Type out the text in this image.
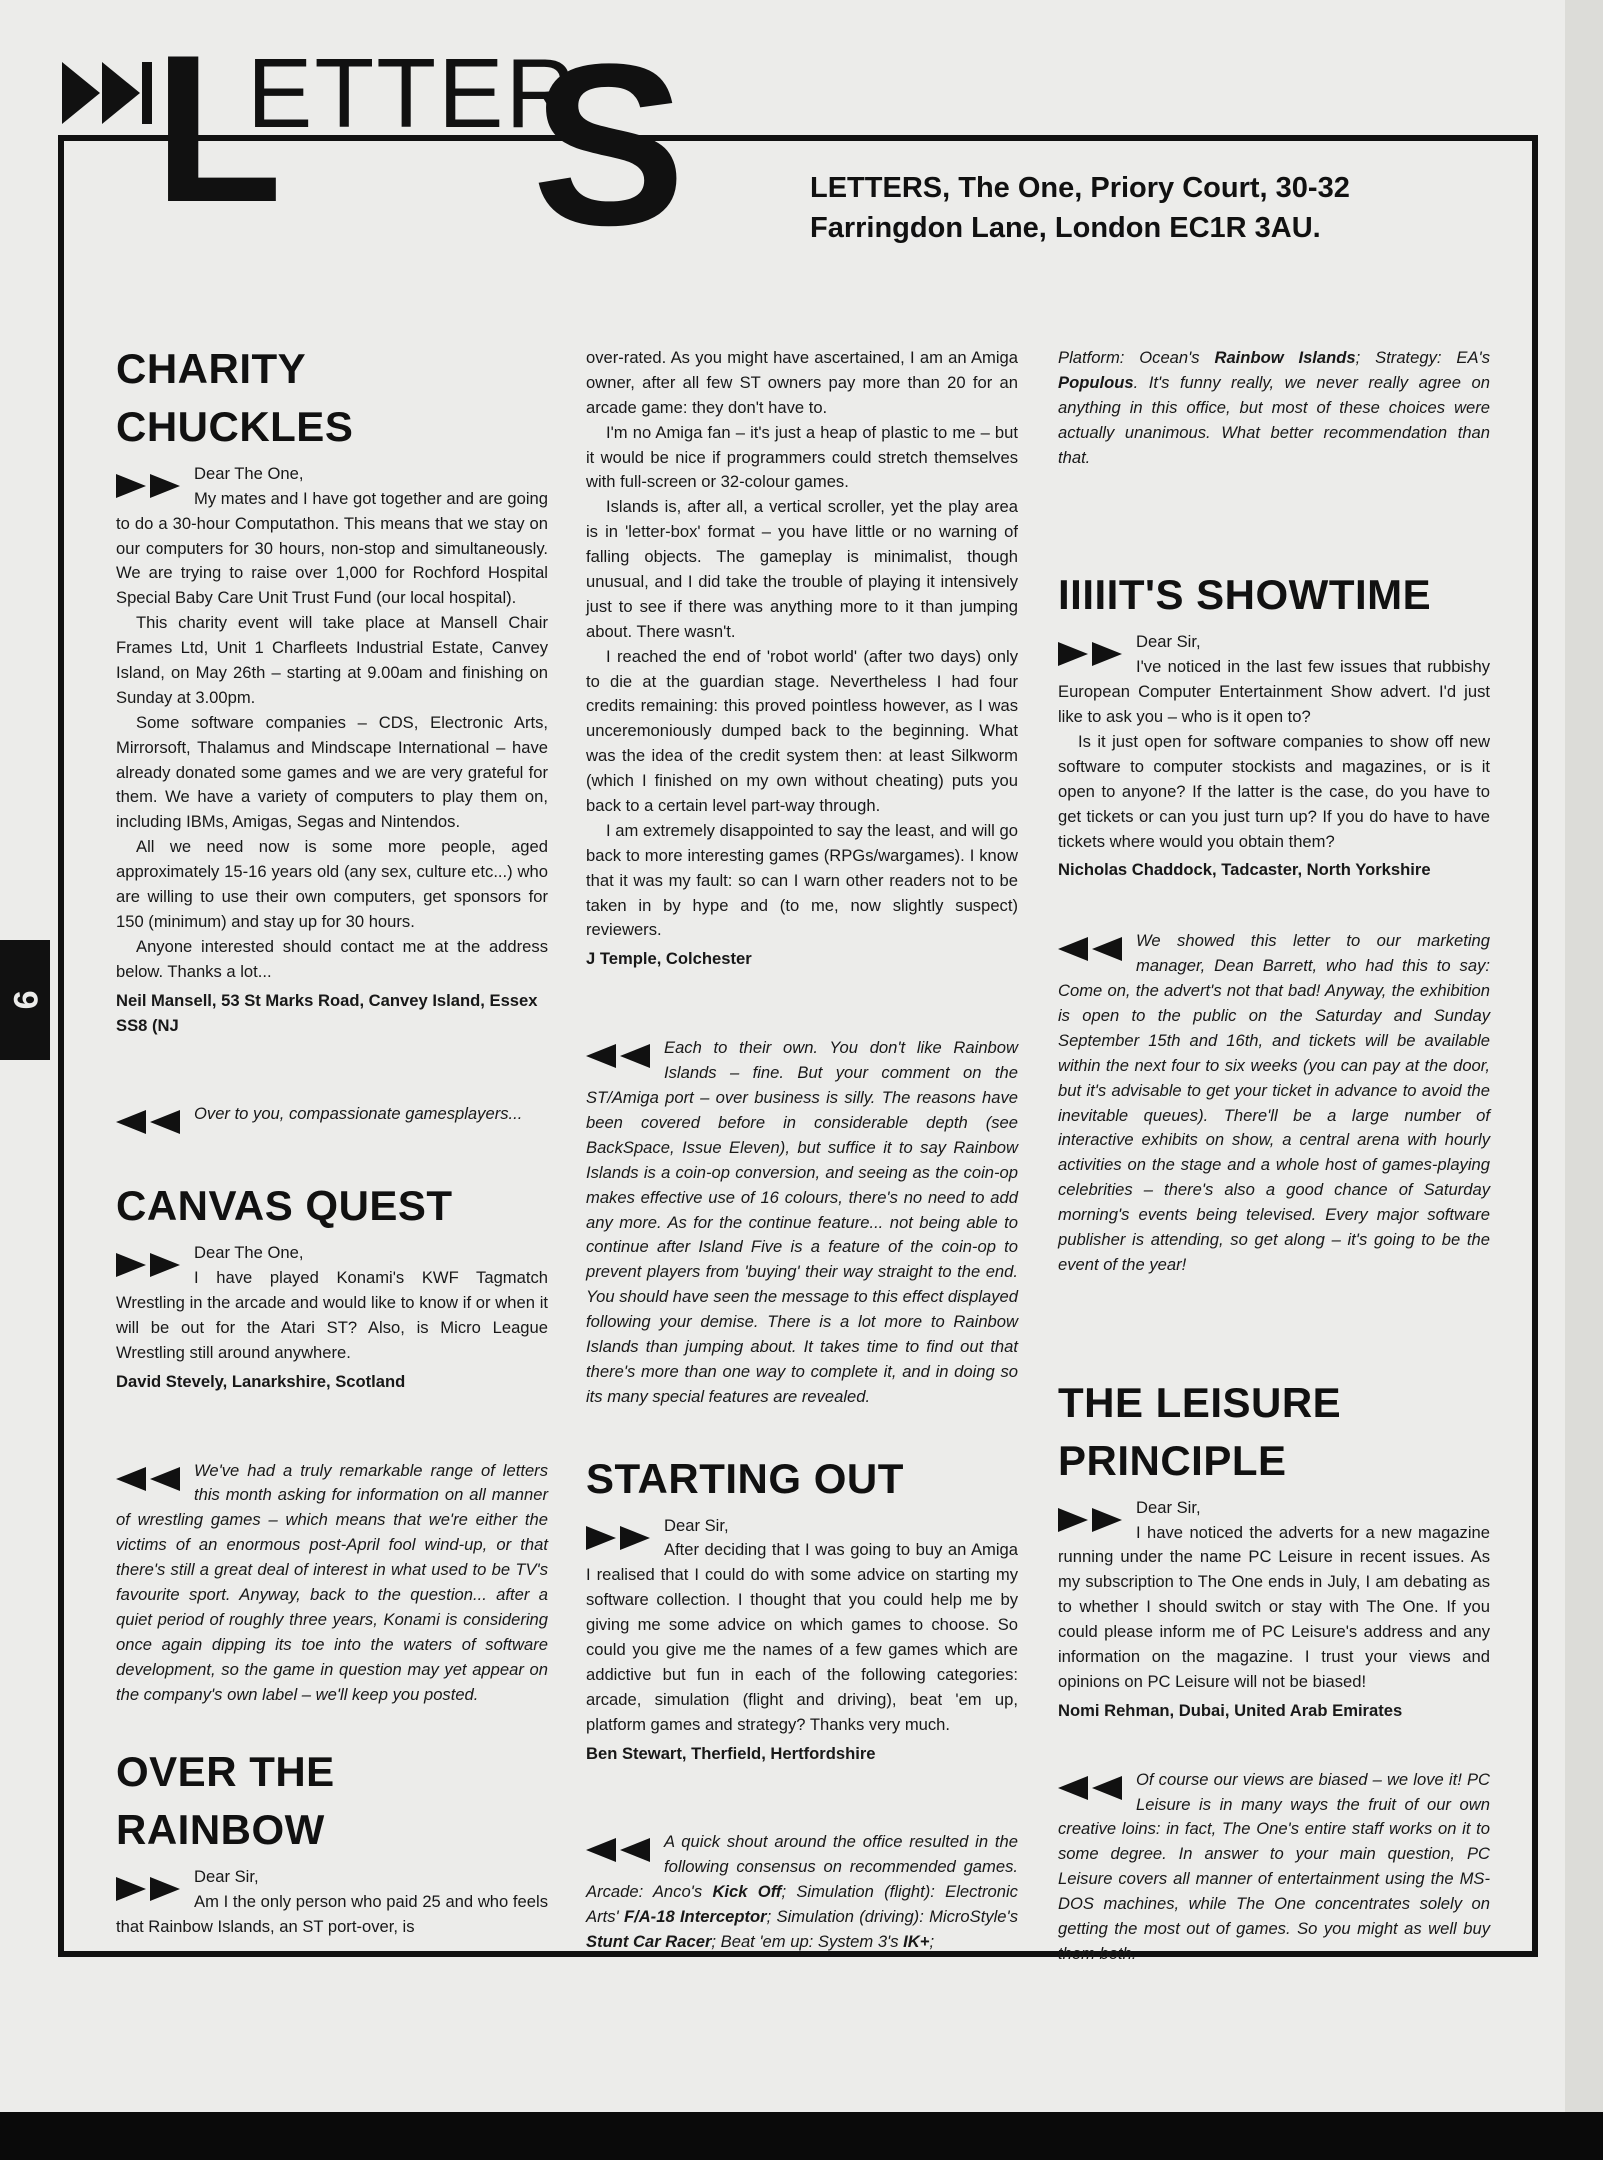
L
ETTER
S	LETTERS, The One, Priory Court, 30-32 Farringdon Lane, London EC1R 3AU.
9
CHARITY CHUCKLES

Dear The One,

My mates and I have got together and are going to do a 30-hour Computathon. This means that we stay on our computers for 30 hours, non-stop and simultaneously. We are trying to raise over 1,000 for Rochford Hospital Special Baby Care Unit Trust Fund (our local hospital).

This charity event will take place at Mansell Chair Frames Ltd, Unit 1 Charfleets Industrial Estate, Canvey Island, on May 26th – starting at 9.00am and finishing on Sunday at 3.00pm.

Some software companies – CDS, Electronic Arts, Mirrorsoft, Thalamus and Mindscape International – have already donated some games and we are very grateful for them. We have a variety of computers to play them on, including IBMs, Amigas, Segas and Nintendos.

All we need now is some more people, aged approximately 15-16 years old (any sex, culture etc...) who are willing to use their own computers, get sponsors for 150 (minimum) and stay up for 30 hours.

Anyone interested should contact me at the address below. Thanks a lot...

Neil Mansell, 53 St Marks Road, Canvey Island, Essex SS8 (NJ

Over to you, compassionate gamesplayers...

CANVAS QUEST

Dear The One,

I have played Konami's KWF Tagmatch Wrestling in the arcade and would like to know if or when it will be out for the Atari ST? Also, is Micro League Wrestling still around anywhere.

David Stevely, Lanarkshire, Scotland

We've had a truly remarkable range of letters this month asking for information on all manner of wrestling games – which means that we're either the victims of an enormous post-April fool wind-up, or that there's still a great deal of interest in what used to be TV's favourite sport. Anyway, back to the question... after a quiet period of roughly three years, Konami is considering once again dipping its toe into the waters of software development, so the game in question may yet appear on the company's own label – we'll keep you posted.

OVER THE RAINBOW

Dear Sir,

Am I the only person who paid 25 and who feels that Rainbow Islands, an ST port-over, is

over-rated. As you might have ascertained, I am an Amiga owner, after all few ST owners pay more than 20 for an arcade game: they don't have to.

I'm no Amiga fan – it's just a heap of plastic to me – but it would be nice if programmers could stretch themselves with full-screen or 32-colour games.

Islands is, after all, a vertical scroller, yet the play area is in 'letter-box' format – you have little or no warning of falling objects. The gameplay is minimalist, though unusual, and I did take the trouble of playing it intensively just to see if there was anything more to it than jumping about. There wasn't.

I reached the end of 'robot world' (after two days) only to die at the guardian stage. Nevertheless I had four credits remaining: this proved pointless however, as I was unceremoniously dumped back to the beginning. What was the idea of the credit system then: at least Silkworm (which I finished on my own without cheating) puts you back to a certain level part-way through.

I am extremely disappointed to say the least, and will go back to more interesting games (RPGs/wargames). I know that it was my fault: so can I warn other readers not to be taken in by hype and (to me, now slightly suspect) reviewers.

J Temple, Colchester

Each to their own. You don't like Rainbow Islands – fine. But your comment on the ST/Amiga port – over business is silly. The reasons have been covered before in considerable depth (see BackSpace, Issue Eleven), but suffice it to say Rainbow Islands is a coin-op conversion, and seeing as the coin-op makes effective use of 16 colours, there's no need to add any more. As for the continue feature... not being able to continue after Island Five is a feature of the coin-op to prevent players from 'buying' their way straight to the end. You should have seen the message to this effect displayed following your demise. There is a lot more to Rainbow Islands than jumping about. It takes time to find out that there's more than one way to complete it, and in doing so its many special features are revealed.

STARTING OUT

Dear Sir,

After deciding that I was going to buy an Amiga I realised that I could do with some advice on starting my software collection. I thought that you could help me by giving me some advice on which games to choose. So could you give me the names of a few games which are addictive but fun in each of the following categories: arcade, simulation (flight and driving), beat 'em up, platform games and strategy? Thanks very much.

Ben Stewart, Therfield, Hertfordshire

A quick shout around the office resulted in the following consensus on recommended games. Arcade: Anco's Kick Off; Simulation (flight): Electronic Arts' F/A-18 Interceptor; Simulation (driving): MicroStyle's Stunt Car Racer; Beat 'em up: System 3's IK+;

Platform: Ocean's Rainbow Islands; Strategy: EA's Populous. It's funny really, we never really agree on anything in this office, but most of these choices were actually unanimous. What better recommendation than that.

IIIIIT'S SHOWTIME

Dear Sir,

I've noticed in the last few issues that rubbishy European Computer Entertainment Show advert. I'd just like to ask you – who is it open to?

Is it just open for software companies to show off new software to computer stockists and magazines, or is it open to anyone? If the latter is the case, do you have to get tickets or can you just turn up? If you do have to have tickets where would you obtain them?

Nicholas Chaddock, Tadcaster, North Yorkshire

We showed this letter to our marketing manager, Dean Barrett, who had this to say: Come on, the advert's not that bad! Anyway, the exhibition is open to the public on the Saturday and Sunday September 15th and 16th, and tickets will be available within the next four to six weeks (you can pay at the door, but it's advisable to get your ticket in advance to avoid the inevitable queues). There'll be a large number of interactive exhibits on show, a central arena with hourly activities on the stage and a whole host of games-playing celebrities – there's also a good chance of Saturday morning's events being televised. Every major software publisher is attending, so get along – it's going to be the event of the year!

THE LEISURE PRINCIPLE

Dear Sir,

I have noticed the adverts for a new magazine running under the name PC Leisure in recent issues. As my subscription to The One ends in July, I am debating as to whether I should switch or stay with The One. If you could please inform me of PC Leisure's address and any information on the magazine. I trust your views and opinions on PC Leisure will not be biased!

Nomi Rehman, Dubai, United Arab Emirates

Of course our views are biased – we love it! PC Leisure is in many ways the fruit of our own creative loins: in fact, The One's entire staff works on it to some degree. In answer to your main question, PC Leisure covers all manner of entertainment using the MS-DOS machines, while The One concentrates solely on getting the most out of games. So you might as well buy them both.
